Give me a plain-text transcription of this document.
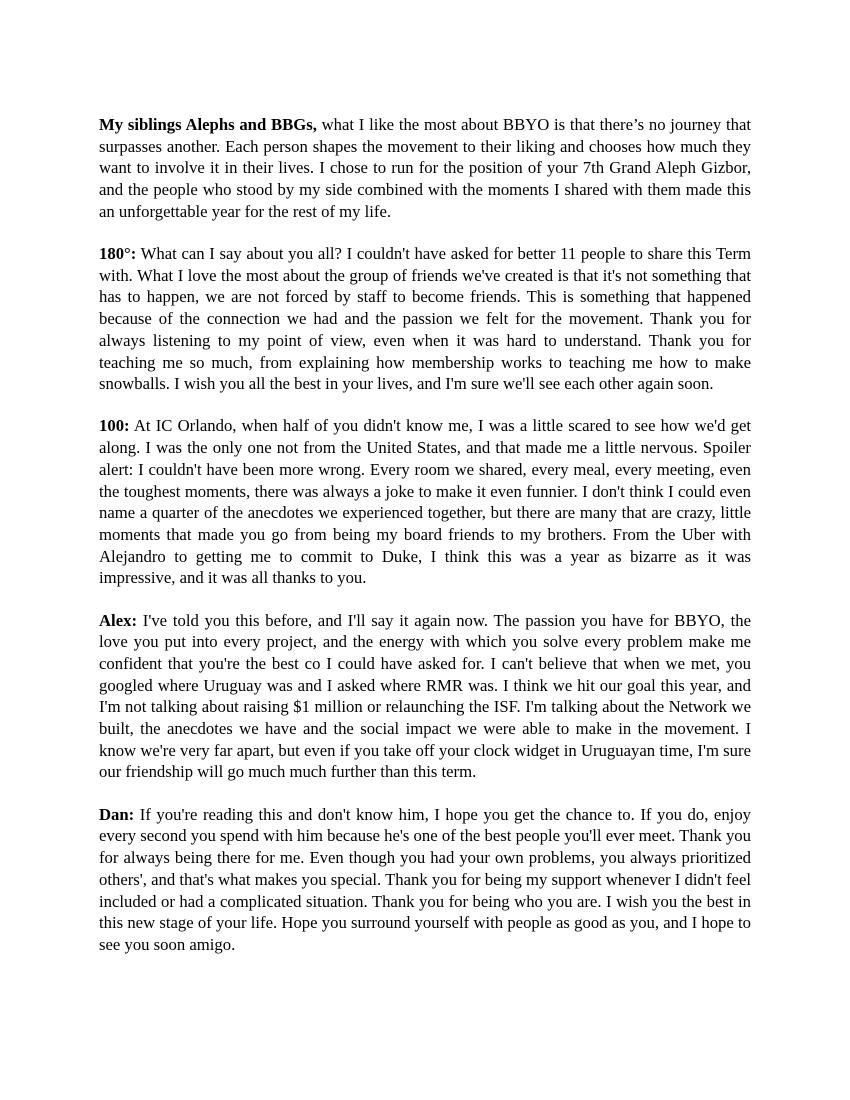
My siblings Alephs and BBGs, what I like the most about BBYO is that there’s no journey that surpasses another. Each person shapes the movement to their liking and chooses how much they want to involve it in their lives. I chose to run for the position of your 7th Grand Aleph Gizbor, and the people who stood by my side combined with the moments I shared with them made this an unforgettable year for the rest of my life.

180°: What can I say about you all? I couldn't have asked for better 11 people to share this Term with. What I love the most about the group of friends we've created is that it's not something that has to happen, we are not forced by staff to become friends. This is something that happened because of the connection we had and the passion we felt for the movement. Thank you for always listening to my point of view, even when it was hard to understand. Thank you for teaching me so much, from explaining how membership works to teaching me how to make snowballs. I wish you all the best in your lives, and I'm sure we'll see each other again soon.

100: At IC Orlando, when half of you didn't know me, I was a little scared to see how we'd get along. I was the only one not from the United States, and that made me a little nervous. Spoiler alert: I couldn't have been more wrong. Every room we shared, every meal, every meeting, even the toughest moments, there was always a joke to make it even funnier. I don't think I could even name a quarter of the anecdotes we experienced together, but there are many that are crazy, little moments that made you go from being my board friends to my brothers. From the Uber with Alejandro to getting me to commit to Duke, I think this was a year as bizarre as it was impressive, and it was all thanks to you.

Alex: I've told you this before, and I'll say it again now. The passion you have for BBYO, the love you put into every project, and the energy with which you solve every problem make me confident that you're the best co I could have asked for. I can't believe that when we met, you googled where Uruguay was and I asked where RMR was. I think we hit our goal this year, and I'm not talking about raising $1 million or relaunching the ISF. I'm talking about the Network we built, the anecdotes we have and the social impact we were able to make in the movement. I know we're very far apart, but even if you take off your clock widget in Uruguayan time, I'm sure our friendship will go much much further than this term.

Dan: If you're reading this and don't know him, I hope you get the chance to. If you do, enjoy every second you spend with him because he's one of the best people you'll ever meet. Thank you for always being there for me. Even though you had your own problems, you always prioritized others', and that's what makes you special. Thank you for being my support whenever I didn't feel included or had a complicated situation. Thank you for being who you are. I wish you the best in this new stage of your life. Hope you surround yourself with people as good as you, and I hope to see you soon amigo.
